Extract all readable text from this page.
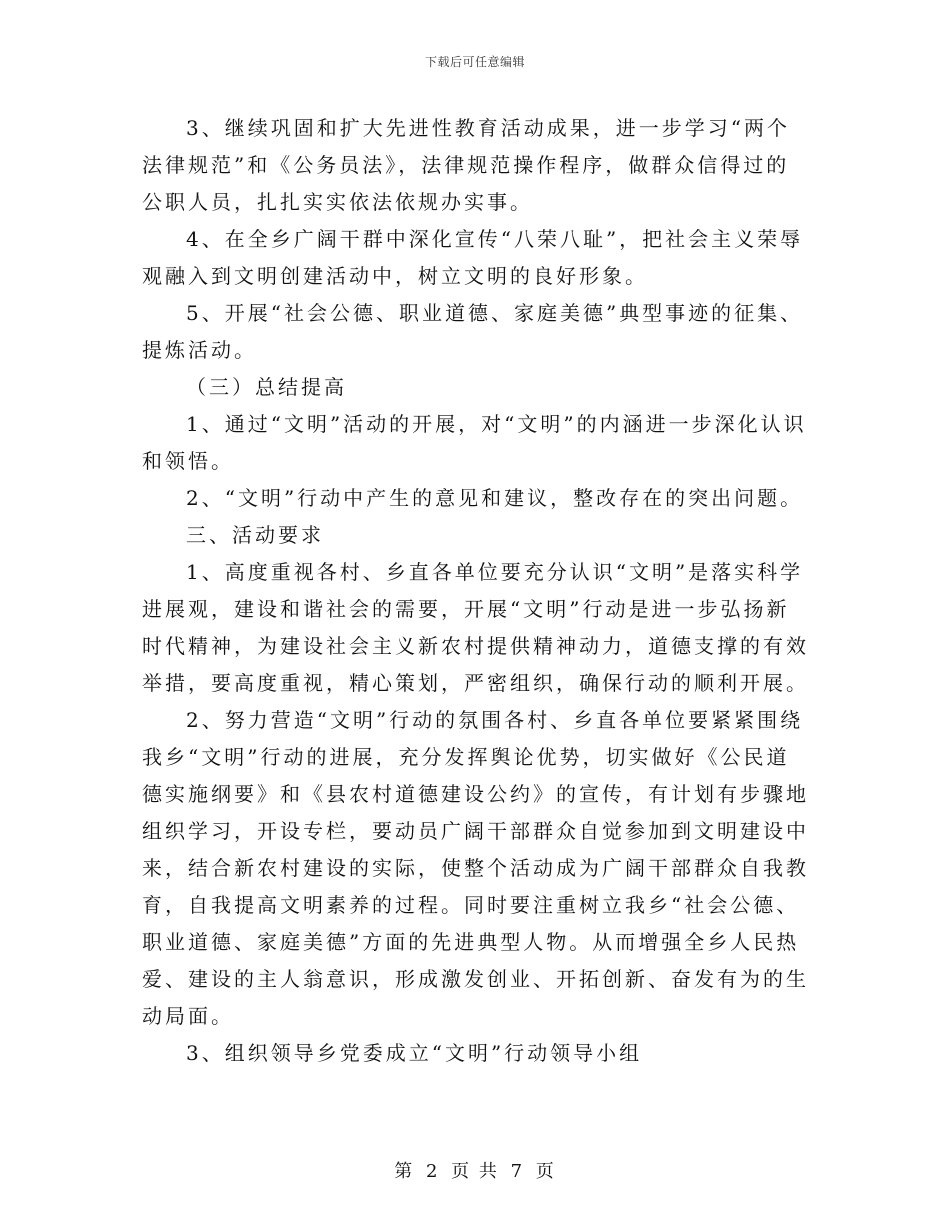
下载后可任意编辑

3、继续巩固和扩大先进性教育活动成果，进一步学习“两个法律规范”和《公务员法》，法律规范操作程序，做群众信得过的公职人员，扎扎实实依法依规办实事。

4、在全乡广阔干群中深化宣传“八荣八耻”，把社会主义荣辱观融入到文明创建活动中，树立文明的良好形象。

5、开展“社会公德、职业道德、家庭美德”典型事迹的征集、提炼活动。

（三）总结提高

1、通过“文明”活动的开展，对“文明”的内涵进一步深化认识和领悟。

2、“文明”行动中产生的意见和建议，整改存在的突出问题。

三、活动要求

1、高度重视各村、乡直各单位要充分认识“文明”是落实科学进展观，建设和谐社会的需要，开展“文明”行动是进一步弘扬新时代精神，为建设社会主义新农村提供精神动力，道德支撑的有效举措，要高度重视，精心策划，严密组织，确保行动的顺利开展。

2、努力营造“文明”行动的氛围各村、乡直各单位要紧紧围绕我乡“文明”行动的进展，充分发挥舆论优势，切实做好《公民道德实施纲要》和《县农村道德建设公约》的宣传，有计划有步骤地组织学习，开设专栏，要动员广阔干部群众自觉参加到文明建设中来，结合新农村建设的实际，使整个活动成为广阔干部群众自我教育，自我提高文明素养的过程。同时要注重树立我乡“社会公德、职业道德、家庭美德”方面的先进典型人物。从而增强全乡人民热爱、建设的主人翁意识，形成激发创业、开拓创新、奋发有为的生动局面。

3、组织领导乡党委成立“文明”行动领导小组

第 2 页 共 7 页
